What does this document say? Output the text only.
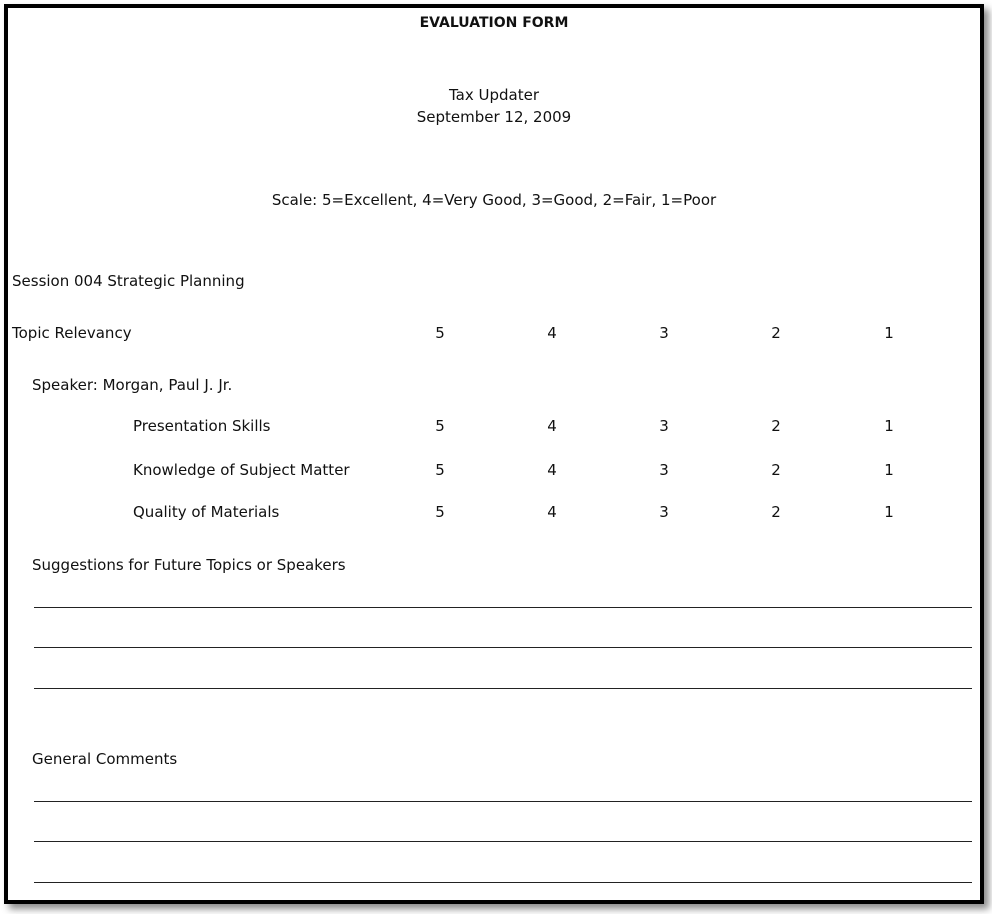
EVALUATION FORM
Tax Updater
September 12, 2009
Scale: 5=Excellent, 4=Very Good, 3=Good, 2=Fair, 1=Poor
Session 004 Strategic Planning
Topic Relevancy	5	4	3	2	1
Speaker: Morgan, Paul J. Jr.
Presentation Skills	5	4	3	2	1
Knowledge of Subject Matter	5	4	3	2	1
Quality of Materials	5	4	3	2	1
Suggestions for Future Topics or Speakers
General Comments
